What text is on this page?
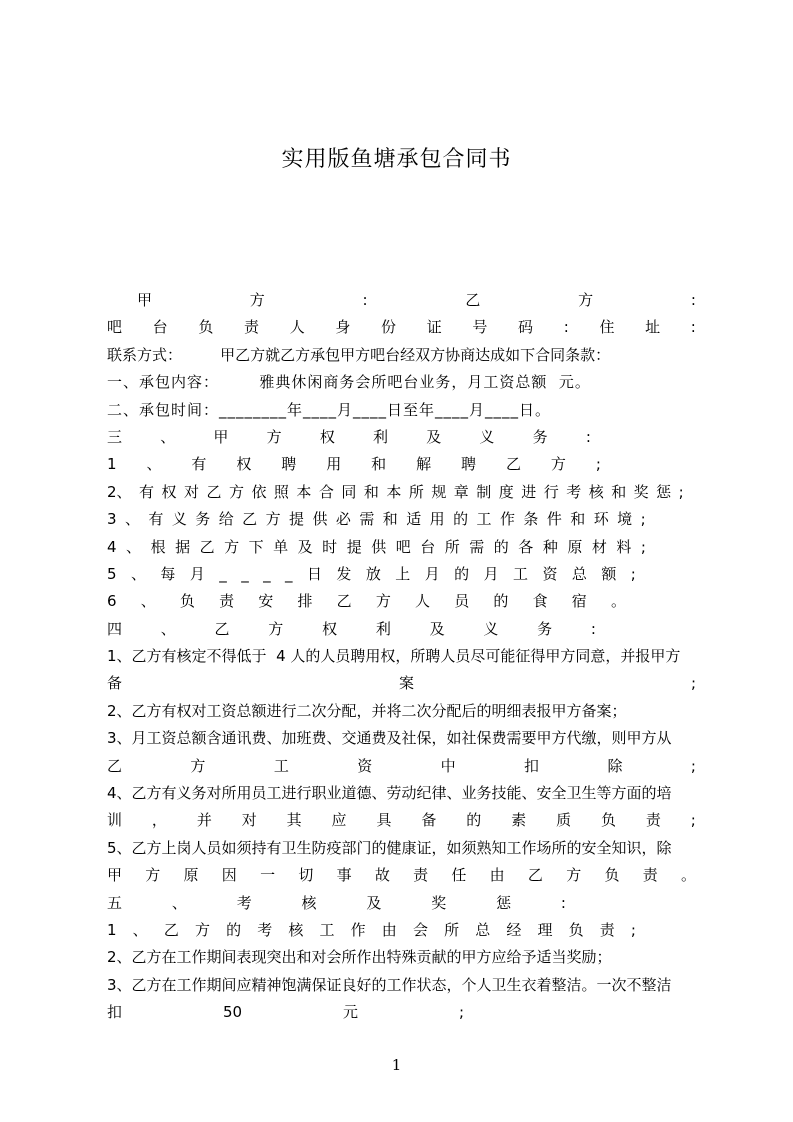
实用版鱼塘承包合同书
甲	方	:	乙	方	:
吧 台 负 责 人 身 份 证 号 码 : 住 址 :
联系方式：        甲乙方就乙方承包甲方吧台经双方协商达成如下合同条款：
一、承包内容：       雅典休闲商务会所吧台业务，月工资总额  元。
二、承包时间：________年____月____日至年____月____日。
三	、	甲	方	权	利	及	义	务	:
1 、 有 权 聘 用 和 解 聘 乙 方 ;
2、 有 权 对 乙 方 依 照 本 合 同 和 本 所 规 章 制 度 进 行 考 核 和 奖 惩 ;
3 、 有 义 务 给 乙 方 提 供 必 需 和 适 用 的 工 作 条 件 和 环 境 ;
4 、 根 据 乙 方 下 单 及 时 提 供 吧 台 所 需 的 各 种 原 材 料 ;
5 、 每 月 _ _ _ _ 日 发 放 上 月 的 月 工 资 总 额 ;
6 、 负 责 安 排 乙 方 人 员 的 食 宿 。
四	、	乙	方	权	利	及	义	务	:
1、乙方有核定不得低于  4 人的人员聘用权，所聘人员尽可能征得甲方同意，并报甲方
备	案	;
2、乙方有权对工资总额进行二次分配，并将二次分配后的明细表报甲方备案；
3、月工资总额含通讯费、加班费、交通费及社保，如社保费需要甲方代缴，则甲方从
乙	方	工	资	中	扣	除	;
4、乙方有义务对所用员工进行职业道德、劳动纪律、业务技能、安全卫生等方面的培
训 ， 并 对 其 应 具 备 的 素 质 负 责 ;
5、乙方上岗人员如须持有卫生防疫部门的健康证，如须熟知工作场所的安全知识，除
甲 方 原 因 一 切 事 故 责 任 由 乙 方 负 责 。
五	、	考	核	及	奖	惩	:
1 、 乙 方 的 考 核 工 作 由 会 所 总 经 理 负 责 ;
2、乙方在工作期间表现突出和对会所作出特殊贡献的甲方应给予适当奖励；
3、乙方在工作期间应精神饱满保证良好的工作状态，个人卫生衣着整洁。一次不整洁
扣	50	元	;
1
